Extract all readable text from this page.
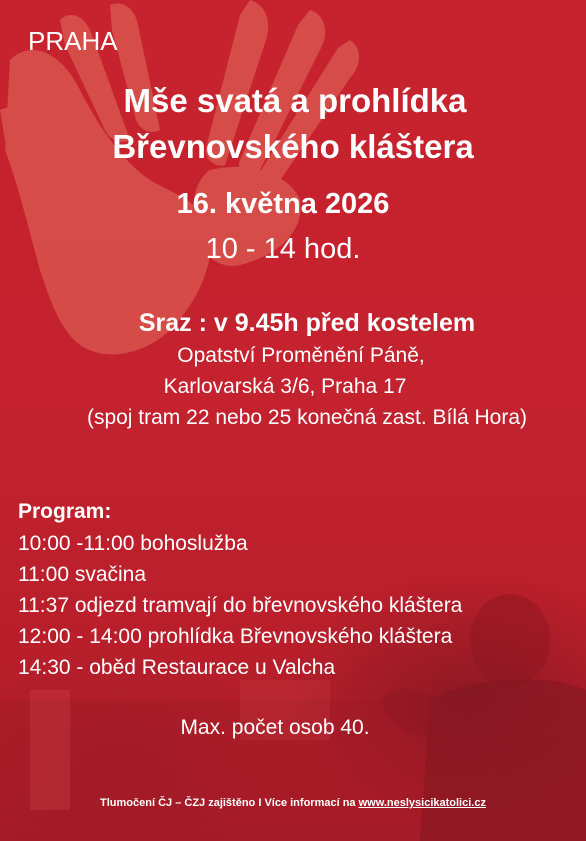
PRAHA
Mše svatá a prohlídka
Břevnovského kláštera
16. května 2026
10 - 14 hod.
Sraz : v 9.45h před kostelem
Opatství Proměnění Páně,
Karlovarská 3/6, Praha 17
(spoj tram 22 nebo 25 konečná zast. Bílá Hora)
Program:
10:00 -11:00 bohoslužba
11:00 svačina
11:37 odjezd tramvají do břevnovského kláštera
12:00 - 14:00 prohlídka Břevnovského kláštera
14:30 - oběd Restaurace u Valcha
Max. počet osob 40.
Tlumočení ČJ – ČZJ zajištěno I Více informací na www.neslysicikatolici.cz
